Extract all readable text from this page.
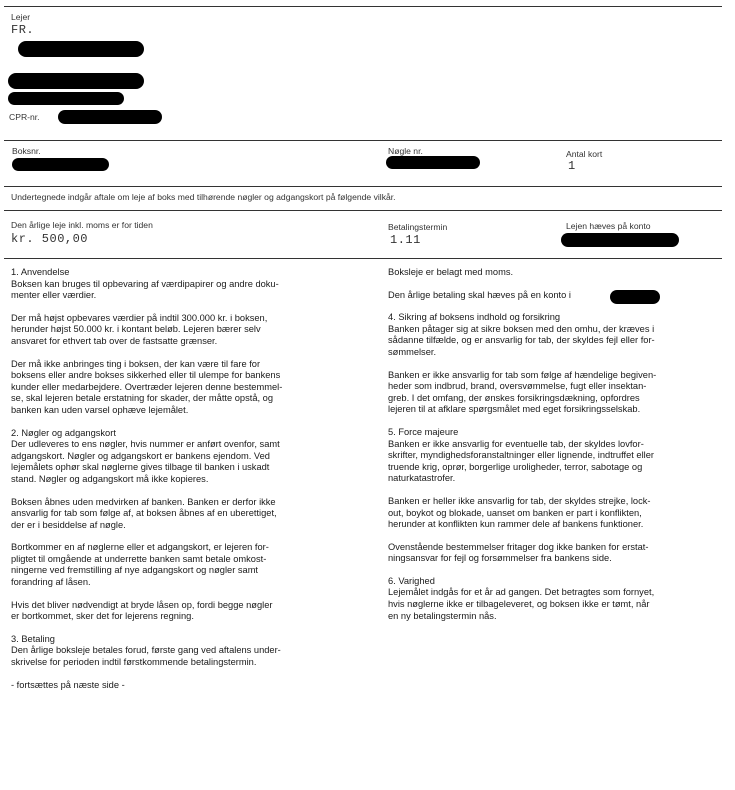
Lejer
FR.
CPR-nr.
Boksnr.	Nøgle nr.	Antal kort
1
Undertegnede indgår aftale om leje af boks med tilhørende nøgler og adgangskort på følgende vilkår.
Den årlige leje inkl. moms er for tiden
kr. 500,00
Betalingstermin
1.11
Lejen hæves på konto
1. Anvendelse
Boksen kan bruges til opbevaring af værdipapirer og andre doku-
menter eller værdier.
Der må højst opbevares værdier på indtil 300.000 kr. i boksen,
herunder højst 50.000 kr. i kontant beløb. Lejeren bærer selv
ansvaret for ethvert tab over de fastsatte grænser.
Der må ikke anbringes ting i boksen, der kan være til fare for
boksens eller andre bokses sikkerhed eller til ulempe for bankens
kunder eller medarbejdere. Overtræder lejeren denne bestemmel-
se, skal lejeren betale erstatning for skader, der måtte opstå, og
banken kan uden varsel ophæve lejemålet.
2. Nøgler og adgangskort
Der udleveres to ens nøgler, hvis nummer er anført ovenfor, samt
adgangskort. Nøgler og adgangskort er bankens ejendom. Ved
lejemålets ophør skal nøglerne gives tilbage til banken i uskadt
stand. Nøgler og adgangskort må ikke kopieres.
Boksen åbnes uden medvirken af banken. Banken er derfor ikke
ansvarlig for tab som følge af, at boksen åbnes af en uberettiget,
der er i besiddelse af nøgle.
Bortkommer en af nøglerne eller et adgangskort, er lejeren for-
pligtet til omgående at underrette banken samt betale omkost-
ningerne ved fremstilling af nye adgangskort og nøgler samt
forandring af låsen.
Hvis det bliver nødvendigt at bryde låsen op, fordi begge nøgler
er bortkommet, sker det for lejerens regning.
3. Betaling
Den årlige boksleje betales forud, første gang ved aftalens under-
skrivelse for perioden indtil førstkommende betalingstermin.
- fortsættes på næste side -
Boksleje er belagt med moms.
Den årlige betaling skal hæves på en konto i
4. Sikring af boksens indhold og forsikring
Banken påtager sig at sikre boksen med den omhu, der kræves i
sådanne tilfælde, og er ansvarlig for tab, der skyldes fejl eller for-
sømmelser.
Banken er ikke ansvarlig for tab som følge af hændelige begiven-
heder som indbrud, brand, oversvømmelse, fugt eller insektan-
greb. I det omfang, der ønskes forsikringsdækning, opfordres
lejeren til at afklare spørgsmålet med eget forsikringsselskab.
5. Force majeure
Banken er ikke ansvarlig for eventuelle tab, der skyldes lovfor-
skrifter, myndighedsforanstaltninger eller lignende, indtruffet eller
truende krig, oprør, borgerlige uroligheder, terror, sabotage og
naturkatastrofer.
Banken er heller ikke ansvarlig for tab, der skyldes strejke, lock-
out, boykot og blokade, uanset om banken er part i konflikten,
herunder at konflikten kun rammer dele af bankens funktioner.
Ovenstående bestemmelser fritager dog ikke banken for erstat-
ningsansvar for fejl og forsømmelser fra bankens side.
6. Varighed
Lejemålet indgås for et år ad gangen. Det betragtes som fornyet,
hvis nøglerne ikke er tilbageleveret, og boksen ikke er tømt, når
en ny betalingstermin nås.
